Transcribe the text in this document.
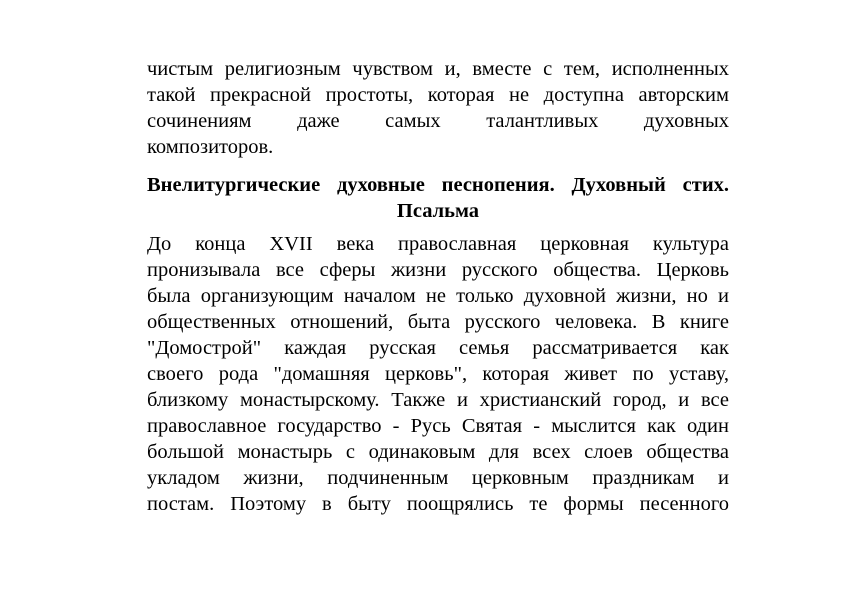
чистым религиозным чувством и, вместе с тем, исполненных
такой прекрасной простоты, которая не доступна авторским
сочинениям даже самых талантливых духовных
композиторов.
Внелитургические духовные песнопения. Духовный стих.
Псальма
До конца XVII века православная церковная культура
пронизывала все сферы жизни русского общества. Церковь
была организующим началом не только духовной жизни, но и
общественных отношений, быта русского человека. В книге
"Домострой" каждая русская семья рассматривается как
своего рода "домашняя церковь", которая живет по уставу,
близкому монастырскому. Также и христианский город, и все
православное государство - Русь Святая - мыслится как один
большой монастырь с одинаковым для всех слоев общества
укладом жизни, подчиненным церковным праздникам и
постам. Поэтому в быту поощрялись те формы песенного
